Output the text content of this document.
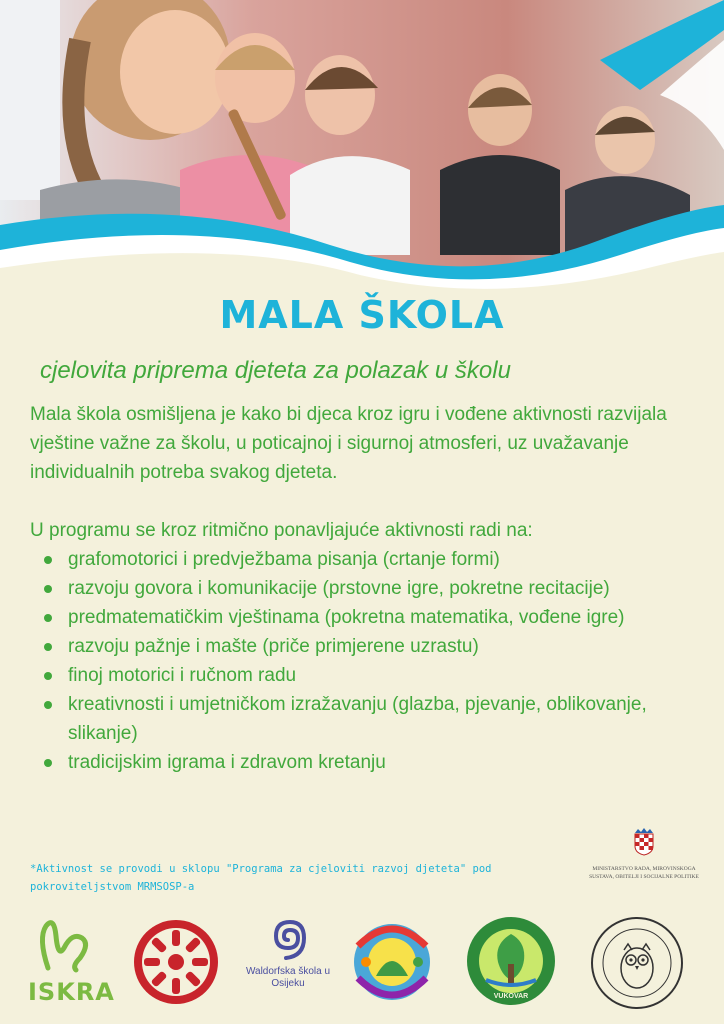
MALA ŠKOLA
cjelovita priprema djeteta za polazak u školu

Mala škola osmišljena je kako bi djeca kroz igru i vođene aktivnosti razvijala vještine važne za školu, u poticajnoj i sigurnoj atmosferi, uz uvažavanje individualnih potreba svakog djeteta.

U programu se kroz ritmično ponavljajuće aktivnosti radi na:

grafomotorici i predvježbama pisanja (crtanje formi)
razvoju govora i komunikacije (prstovne igre, pokretne recitacije)
predmatematičkim vještinama (pokretna matematika, vođene igre)
razvoju pažnje i mašte (priče primjerene uzrastu)
finoj motorici i ručnom radu
kreativnosti i umjetničkom izražavanju (glazba, pjevanje, oblikovanje, slikanje)
tradicijskim igrama i zdravom kretanju
*Aktivnost se provodi u sklopu "Programa za cjeloviti razvoj djeteta" pod pokroviteljstvom MRMSOSP-a
MINISTARSTVO RADA, MIROVINSKOGA SUSTAVA, OBITELJI I SOCIJALNE POLITIKE
ISKRA
Waldorfska škola u Osijeku
VUKOVAR
